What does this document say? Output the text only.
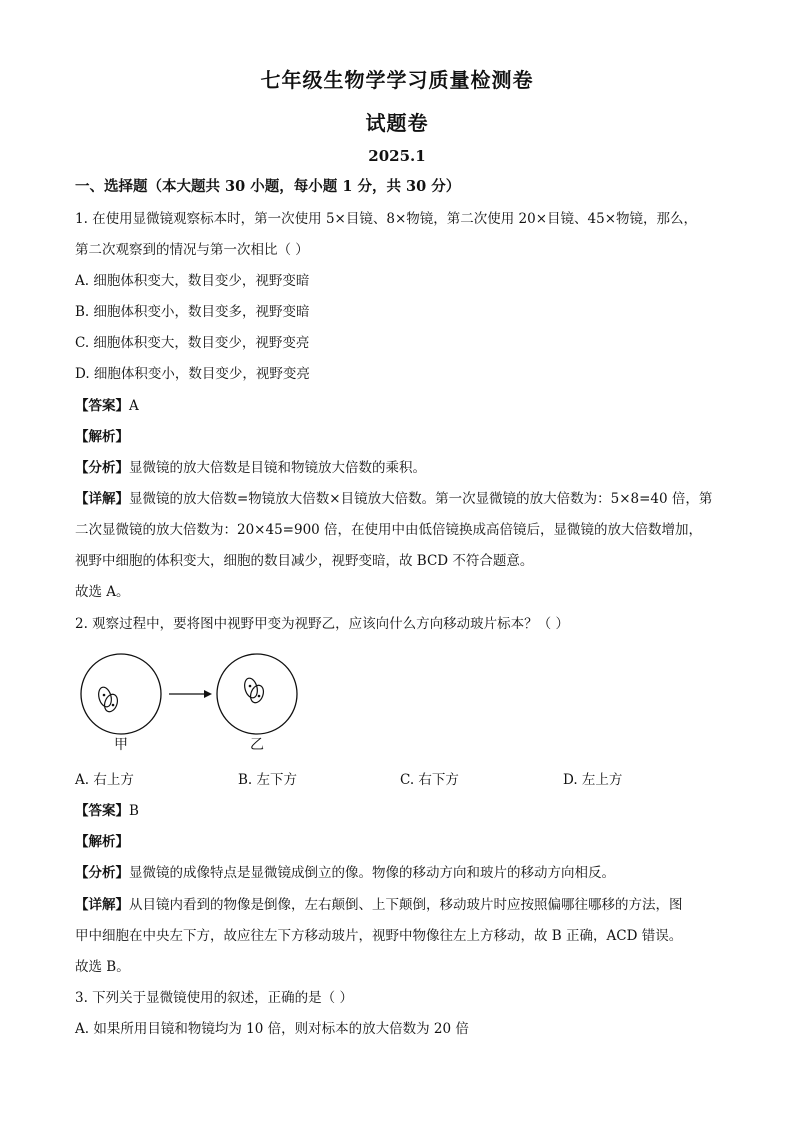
七年级生物学学习质量检测卷
试题卷
2025.1
一、选择题（本大题共 30 小题，每小题 1 分，共 30 分）
1. 在使用显微镜观察标本时，第一次使用 5×目镜、8×物镜，第二次使用 20×目镜、45×物镜，那么，
第二次观察到的情况与第一次相比（ ）
A. 细胞体积变大，数目变少，视野变暗
B. 细胞体积变小，数目变多，视野变暗
C. 细胞体积变大，数目变少，视野变亮
D. 细胞体积变小，数目变少，视野变亮
【答案】A
【解析】
【分析】显微镜的放大倍数是目镜和物镜放大倍数的乘积。
【详解】显微镜的放大倍数=物镜放大倍数×目镜放大倍数。第一次显微镜的放大倍数为：5×8=40 倍，第
二次显微镜的放大倍数为：20×45=900 倍，在使用中由低倍镜换成高倍镜后，显微镜的放大倍数增加，
视野中细胞的体积变大，细胞的数目减少，视野变暗，故 BCD 不符合题意。
故选 A。
2. 观察过程中，要将图中视野甲变为视野乙，应该向什么方向移动玻片标本？（ ）
甲	乙
A. 右上方	B. 左下方	C. 右下方	D. 左上方
【答案】B
【解析】
【分析】显微镜的成像特点是显微镜成倒立的像。物像的移动方向和玻片的移动方向相反。
【详解】从目镜内看到的物像是倒像，左右颠倒、上下颠倒，移动玻片时应按照偏哪往哪移的方法，图
甲中细胞在中央左下方，故应往左下方移动玻片，视野中物像往左上方移动，故 B 正确，ACD 错误。
故选 B。
3. 下列关于显微镜使用的叙述，正确的是（ ）
A. 如果所用目镜和物镜均为 10 倍，则对标本的放大倍数为 20 倍
